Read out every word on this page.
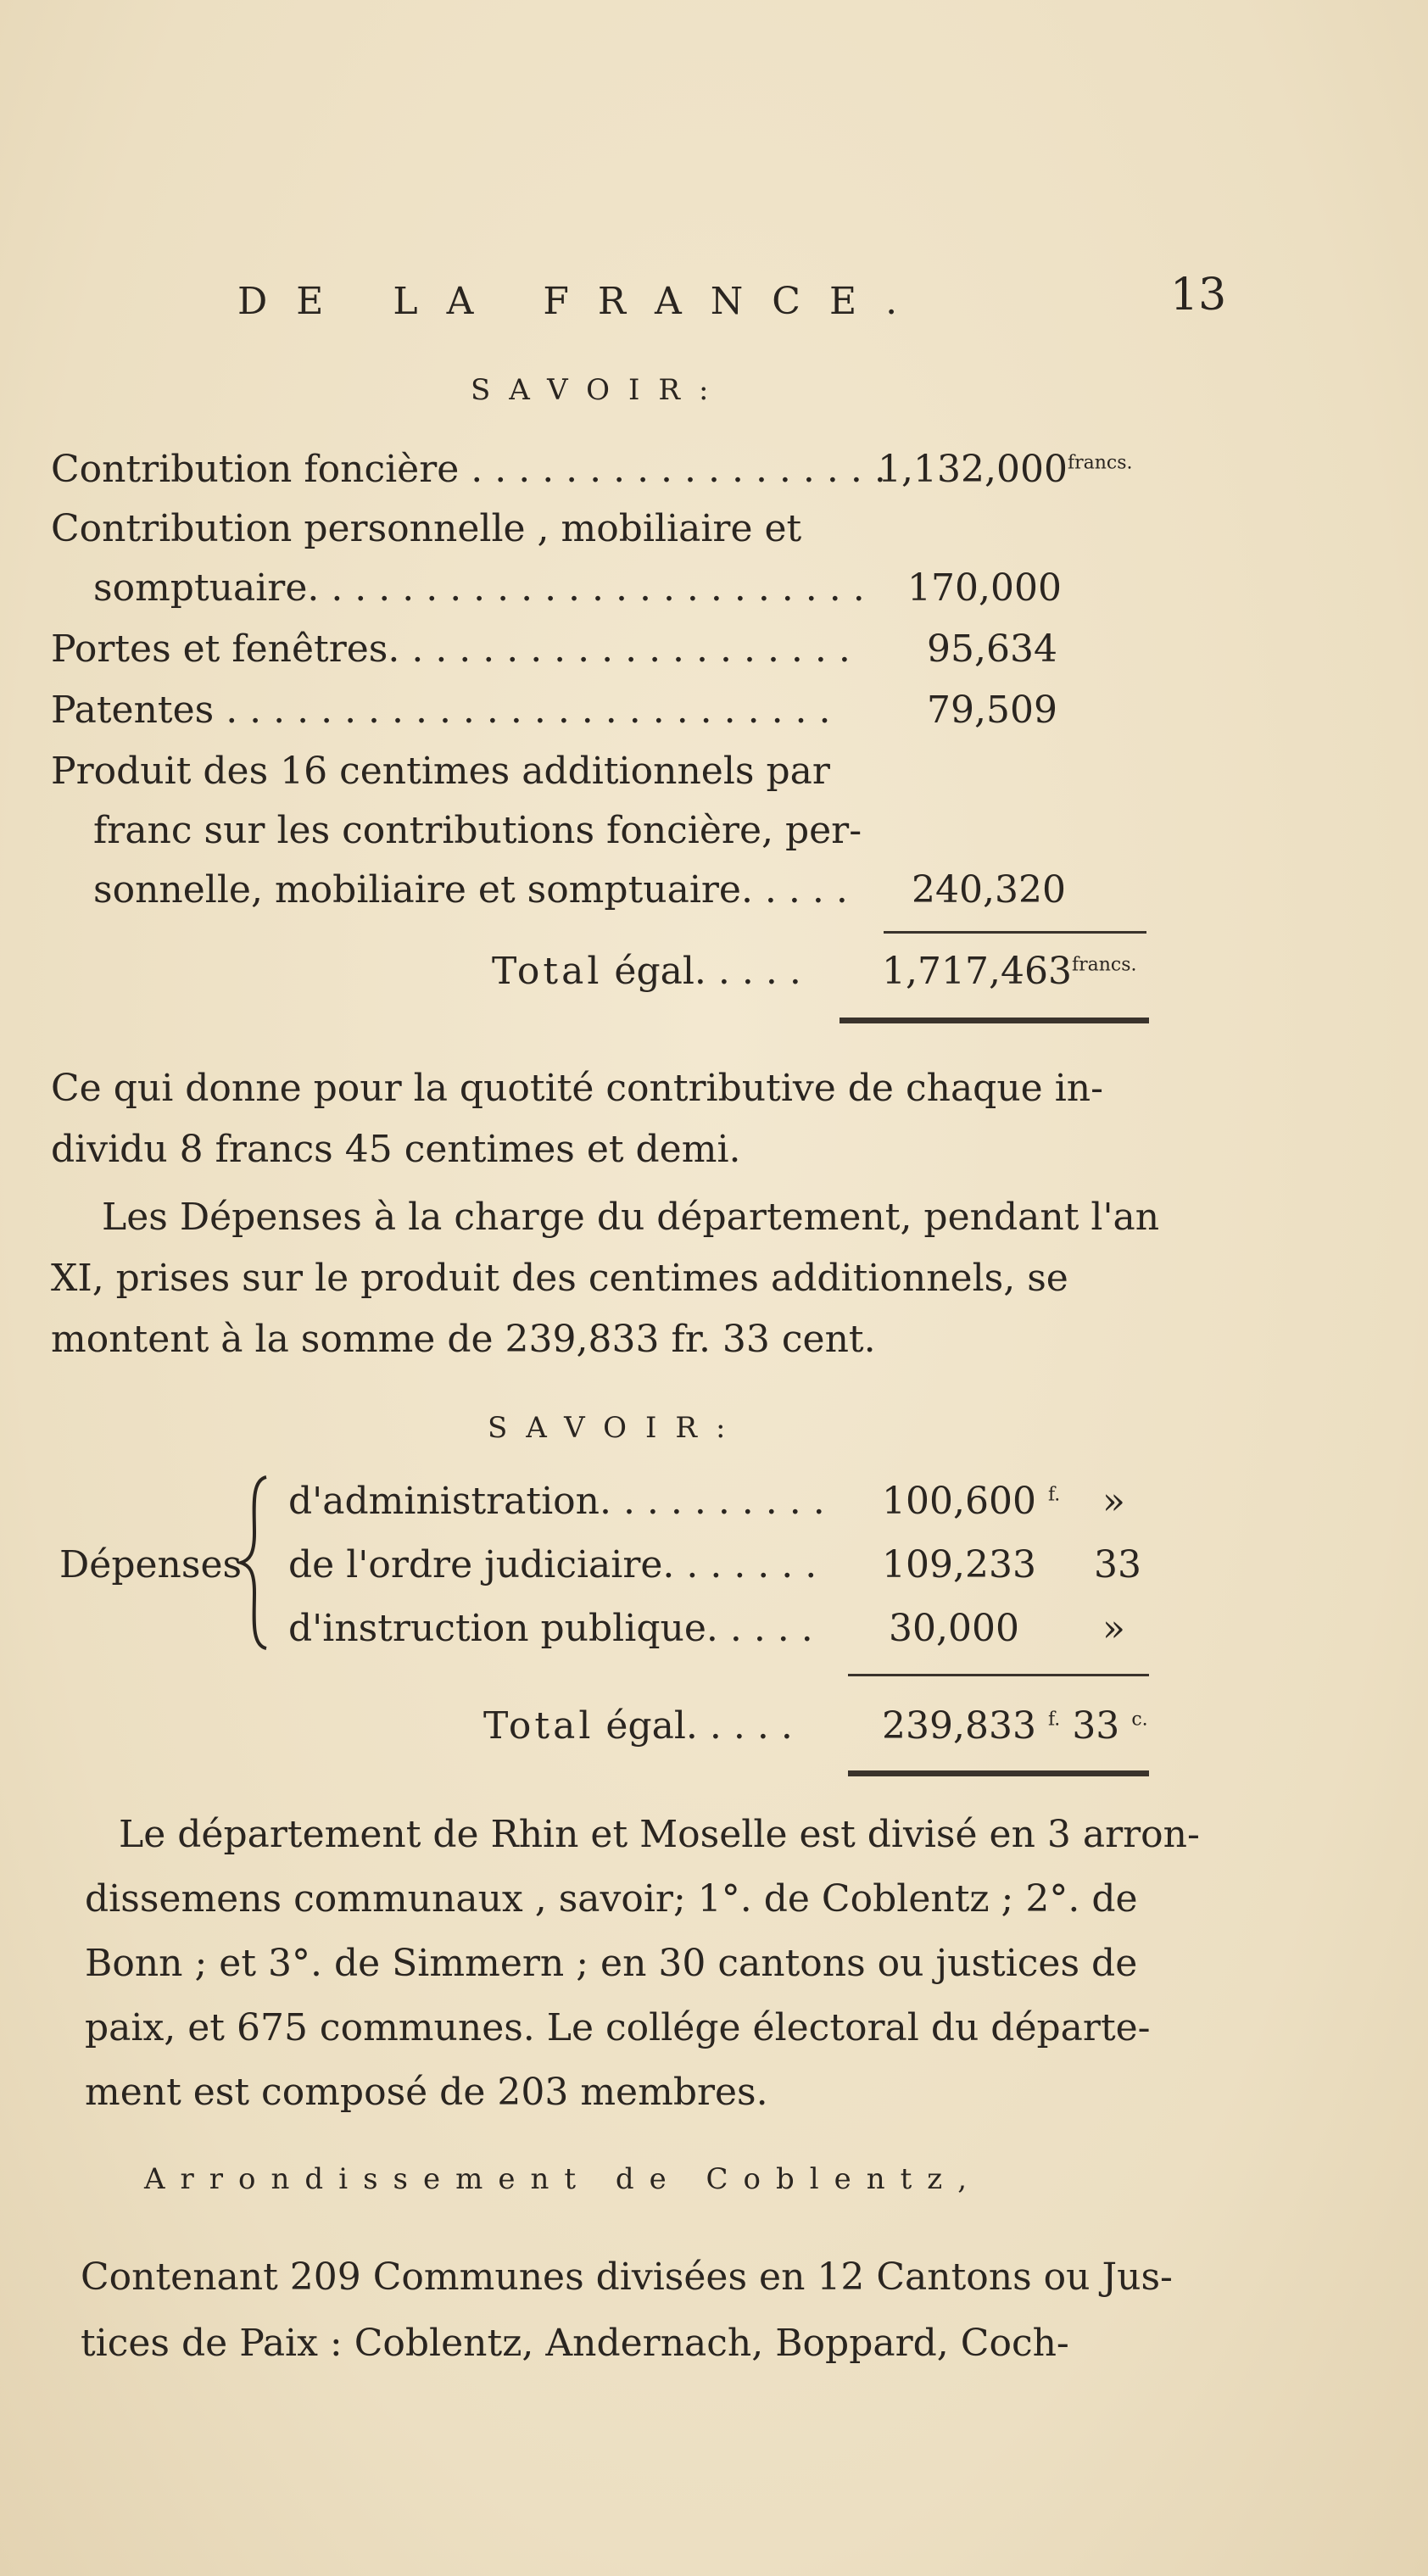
DE LA FRANCE.	13
SAVOIR:
Contribution foncière . . . . . . . . . . . . . . . . . .
$1,132,000^{francs.}$
Contribution personnelle , mobiliaire et
somptuaire. . . . . . . . . . . . . . . . . . . . . . . . 170,000
Portes et fenêtres. . . . . . . . . . . . . . . . . . . . 95,634
Patentes . . . . . . . . . . . . . . . . . . . . . . . . . .	79,509
Produit des 16 centimes additionnels par
franc sur les contributions foncière, per-
sonnelle, mobiliaire et somptuaire. . . . . 240,320
Total égal. . . . . $1,717,463^{francs.}$
Ce qui donne pour la quotité contributive de chaque in-
dividu 8 francs 45 centimes et demi.
Les Dépenses à la charge du département, pendant l'an
XI, prises sur le produit des centimes additionnels, se
montent à la somme de 239,833 fr. 33 cent.
SAVOIR:
Dépenses
d'administration. . . . . . . . . . 100,600 $^{f.}$ »
de l'ordre judiciaire. . . . . . . 109,233 33
d'instruction publique. . . . . 30,000 »
Total égal. . . . . 239,833 $^{f.}$ 33 $^{c.}$
Le département de Rhin et Moselle est divisé en 3 arron-
dissemens communaux , savoir; 1°. de Coblentz ; 2°. de
Bonn ; et 3°. de Simmern ; en 30 cantons ou justices de
paix, et 675 communes. Le collége électoral du départe-
ment est composé de 203 membres.
Arrondissement de Coblentz,
Contenant 209 Communes divisées en 12 Cantons ou Jus-
tices de Paix : Coblentz, Andernach, Boppard, Coch-
